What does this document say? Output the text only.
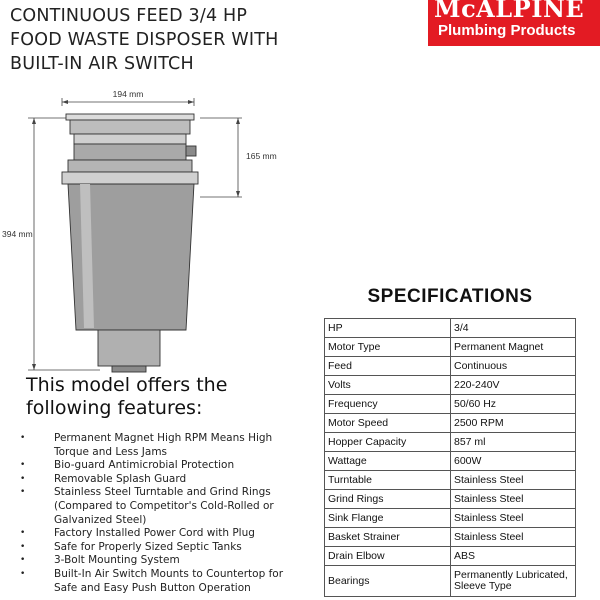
CONTINUOUS FEED 3/4 HP
FOOD WASTE DISPOSER WITH
BUILT-IN AIR SWITCH
McALPINE
Plumbing Products
194 mm
165 mm
394 mm
This model offers the
following features:
•	Permanent Magnet High RPM Means High Torque and Less Jams
•	Bio-guard Antimicrobial Protection
•	Removable Splash Guard
•	Stainless Steel Turntable and Grind Rings (Compared to Competitor's Cold-Rolled or Galvanized Steel)
•	Factory Installed Power Cord with Plug
•	Safe for Properly Sized Septic Tanks
•	3-Bolt Mounting System
•	Built-In Air Switch Mounts to Countertop for Safe and Easy Push Button Operation
SPECIFICATIONS
HP	3/4
Motor Type	Permanent Magnet
Feed	Continuous
Volts	220-240V
Frequency	50/60 Hz
Motor Speed	2500 RPM
Hopper Capacity	857 ml
Wattage	600W
Turntable	Stainless Steel
Grind Rings	Stainless Steel
Sink Flange	Stainless Steel
Basket Strainer	Stainless Steel
Drain Elbow	ABS
Bearings	Permanently Lubricated, Sleeve Type
